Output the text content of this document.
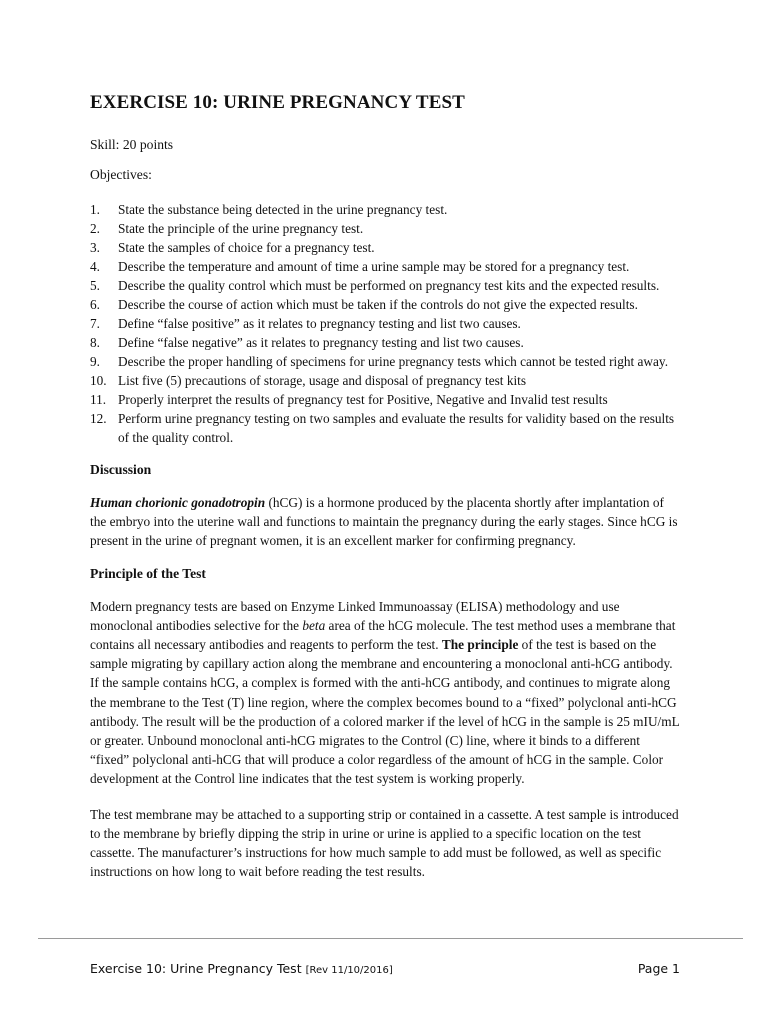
EXERCISE 10: URINE PREGNANCY TEST
Skill: 20 points
Objectives:
1.	State the substance being detected in the urine pregnancy test.
2.	State the principle of the urine pregnancy test.
3.	State the samples of choice for a pregnancy test.
4.	Describe the temperature and amount of time a urine sample may be stored for a pregnancy test.
5.	Describe the quality control which must be performed on pregnancy test kits and the expected results.
6.	Describe the course of action which must be taken if the controls do not give the expected results.
7.	Define “false positive” as it relates to pregnancy testing and list two causes.
8.	Define “false negative” as it relates to pregnancy testing and list two causes.
9.	Describe the proper handling of specimens for urine pregnancy tests which cannot be tested right away.
10. List five (5) precautions of storage, usage and disposal of pregnancy test kits
11. Properly interpret the results of pregnancy test for Positive, Negative and Invalid test results
12. Perform urine pregnancy testing on two samples and evaluate the results for validity based on the results of the quality control.
Discussion

Human chorionic gonadotropin (hCG) is a hormone produced by the placenta shortly after implantation of the embryo into the uterine wall and functions to maintain the pregnancy during the early stages. Since hCG is present in the urine of pregnant women, it is an excellent marker for confirming pregnancy.

Principle of the Test

Modern pregnancy tests are based on Enzyme Linked Immunoassay (ELISA) methodology and use monoclonal antibodies selective for the beta area of the hCG molecule. The test method uses a membrane that contains all necessary antibodies and reagents to perform the test. The principle of the test is based on the sample migrating by capillary action along the membrane and encountering a monoclonal anti-hCG antibody. If the sample contains hCG, a complex is formed with the anti-hCG antibody, and continues to migrate along the membrane to the Test (T) line region, where the complex becomes bound to a “fixed” polyclonal anti-hCG antibody. The result will be the production of a colored marker if the level of hCG in the sample is 25 mIU/mL or greater. Unbound monoclonal anti-hCG migrates to the Control (C) line, where it binds to a different “fixed” polyclonal anti-hCG that will produce a color regardless of the amount of hCG in the sample. Color development at the Control line indicates that the test system is working properly.

The test membrane may be attached to a supporting strip or contained in a cassette. A test sample is introduced to the membrane by briefly dipping the strip in urine or urine is applied to a specific location on the test cassette. The manufacturer’s instructions for how much sample to add must be followed, as well as specific instructions on how long to wait before reading the test results.

Exercise 10: Urine Pregnancy Test [Rev 11/10/2016]	Page 1
